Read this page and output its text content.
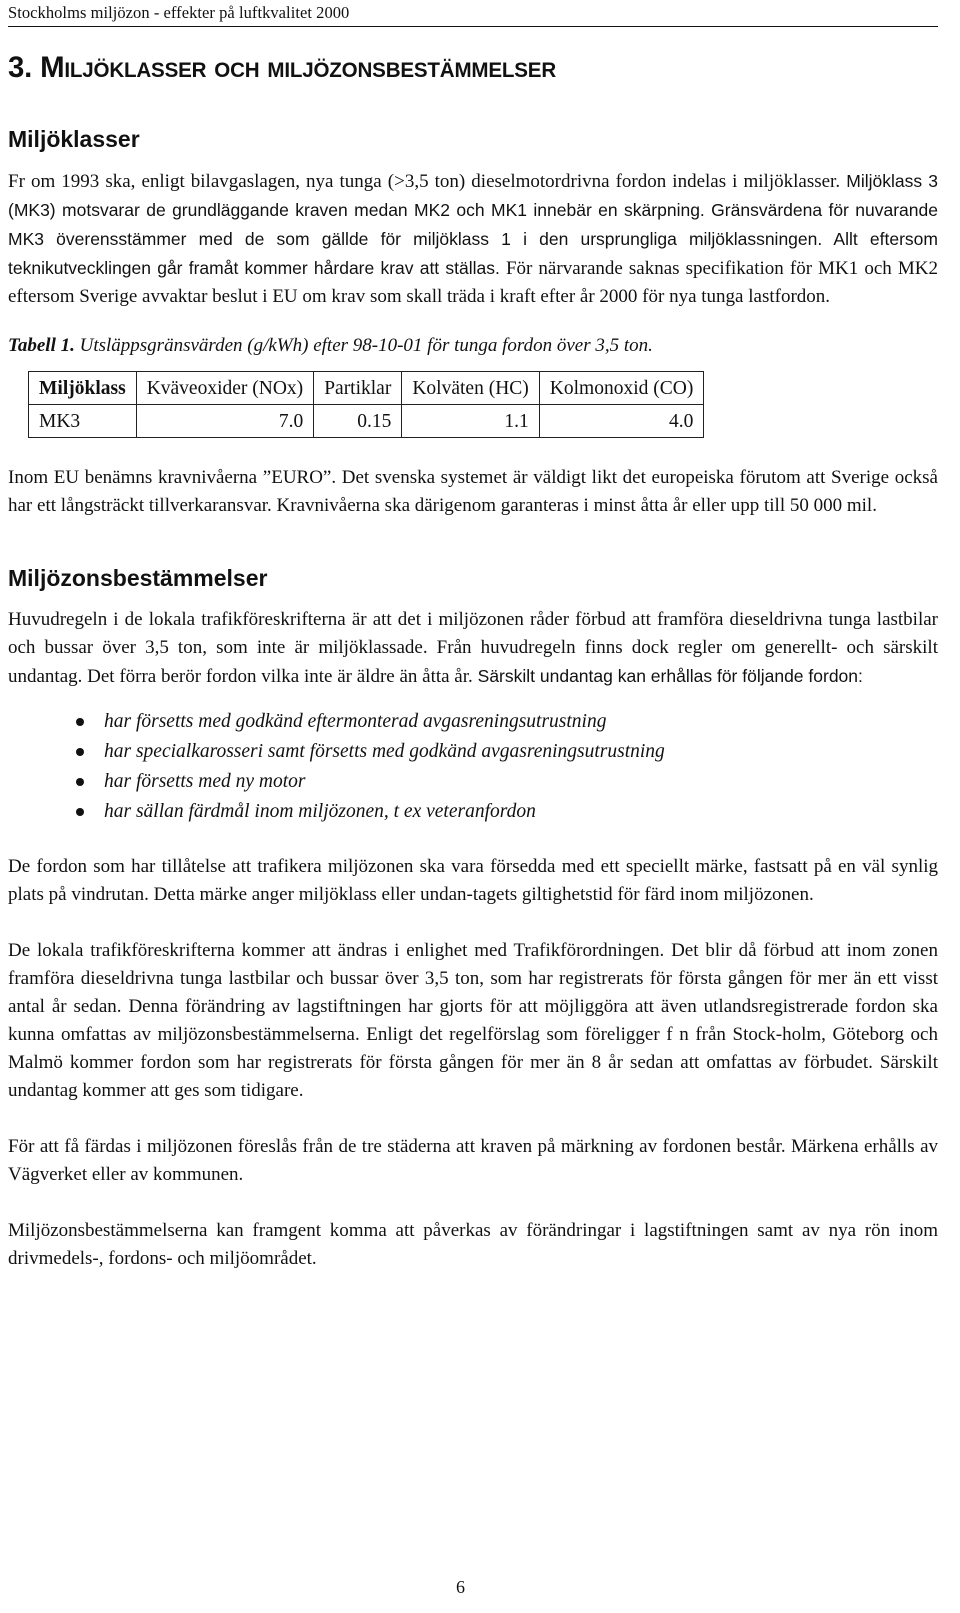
Stockholms miljözon - effekter på luftkvalitet 2000
3. Miljöklasser och miljözonsbestämmelser
Miljöklasser

Fr om 1993 ska, enligt bilavgaslagen, nya tunga (>3,5 ton) dieselmotordrivna fordon indelas i miljöklasser. Miljöklass 3 (MK3) motsvarar de grundläggande kraven medan MK2 och MK1 innebär en skärpning. Gränsvärdena för nuvarande MK3 överensstämmer med de som gällde för miljöklass 1 i den ursprungliga miljöklassningen. Allt eftersom teknikutvecklingen går framåt kommer hårdare krav att ställas. För närvarande saknas specifikation för MK1 och MK2 eftersom Sverige avvaktar beslut i EU om krav som skall träda i kraft efter år 2000 för nya tunga lastfordon.

Tabell 1. Utsläppsgränsvärden (g/kWh) efter 98-10-01 för tunga fordon över 3,5 ton.
Miljöklass	Kväveoxider (NOx)	Partiklar	Kolväten (HC)	Kolmonoxid (CO)
MK3	7.0	0.15	1.1	4.0

Inom EU benämns kravnivåerna ”EURO”. Det svenska systemet är väldigt likt det europeiska förutom att Sverige också har ett långsträckt tillverkaransvar. Kravnivåerna ska därigenom garanteras i minst åtta år eller upp till 50 000 mil.

Miljözonsbestämmelser

Huvudregeln i de lokala trafikföreskrifterna är att det i miljözonen råder förbud att framföra dieseldrivna tunga lastbilar och bussar över 3,5 ton, som inte är miljöklassade. Från huvudregeln finns dock regler om generellt- och särskilt undantag. Det förra berör fordon vilka inte är äldre än åtta år. Särskilt undantag kan erhållas för följande fordon:

har försetts med godkänd eftermonterad avgasreningsutrustning
har specialkarosseri samt försetts med godkänd avgasreningsutrustning
har försetts med ny motor
har sällan färdmål inom miljözonen, t ex veteranfordon

De fordon som har tillåtelse att trafikera miljözonen ska vara försedda med ett speciellt märke, fastsatt på en väl synlig plats på vindrutan. Detta märke anger miljöklass eller undan-tagets giltighetstid för färd inom miljözonen.

De lokala trafikföreskrifterna kommer att ändras i enlighet med Trafikförordningen. Det blir då förbud att inom zonen framföra dieseldrivna tunga lastbilar och bussar över 3,5 ton, som har registrerats för första gången för mer än ett visst antal år sedan. Denna förändring av lagstiftningen har gjorts för att möjliggöra att även utlandsregistrerade fordon ska kunna omfattas av miljözonsbestämmelserna. Enligt det regelförslag som föreligger f n från Stock-holm, Göteborg och Malmö kommer fordon som har registrerats för första gången för mer än 8 år sedan att omfattas av förbudet. Särskilt undantag kommer att ges som tidigare.

För att få färdas i miljözonen föreslås från de tre städerna att kraven på märkning av fordonen består. Märkena erhålls av Vägverket eller av kommunen.

Miljözonsbestämmelserna kan framgent komma att påverkas av förändringar i lagstiftningen samt av nya rön inom drivmedels-, fordons- och miljöområdet.

6
